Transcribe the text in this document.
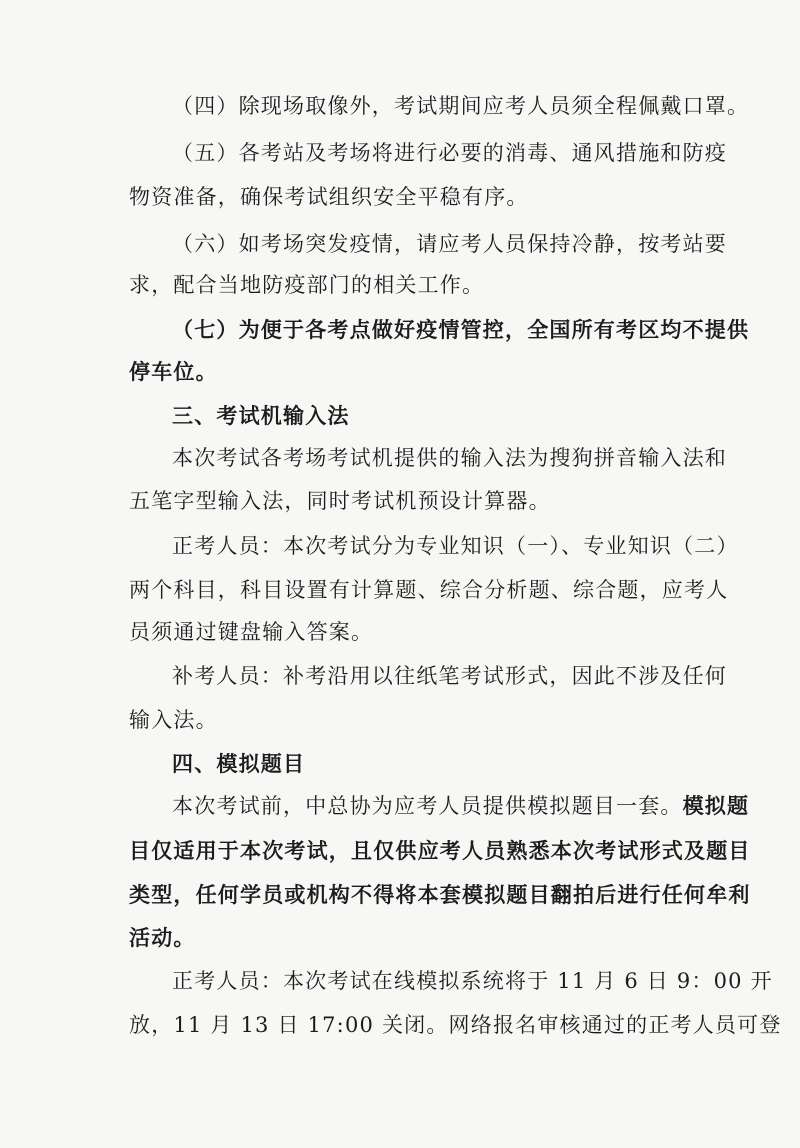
（四）除现场取像外，考试期间应考人员须全程佩戴口罩。
（五）各考站及考场将进行必要的消毒、通风措施和防疫
物资准备，确保考试组织安全平稳有序。
（六）如考场突发疫情，请应考人员保持冷静，按考站要
求，配合当地防疫部门的相关工作。
（七）为便于各考点做好疫情管控，全国所有考区均不提供
停车位。
三、考试机输入法
本次考试各考场考试机提供的输入法为搜狗拼音输入法和
五笔字型输入法，同时考试机预设计算器。
正考人员：本次考试分为专业知识（一）、专业知识（二）
两个科目，科目设置有计算题、综合分析题、综合题，应考人
员须通过键盘输入答案。
补考人员：补考沿用以往纸笔考试形式，因此不涉及任何
输入法。
四、模拟题目
本次考试前，中总协为应考人员提供模拟题目一套。模拟题
目仅适用于本次考试，且仅供应考人员熟悉本次考试形式及题目
类型，任何学员或机构不得将本套模拟题目翻拍后进行任何牟利
活动。
正考人员：本次考试在线模拟系统将于 11 月 6 日 9：00 开
放，11 月 13 日 17:00 关闭。网络报名审核通过的正考人员可登
